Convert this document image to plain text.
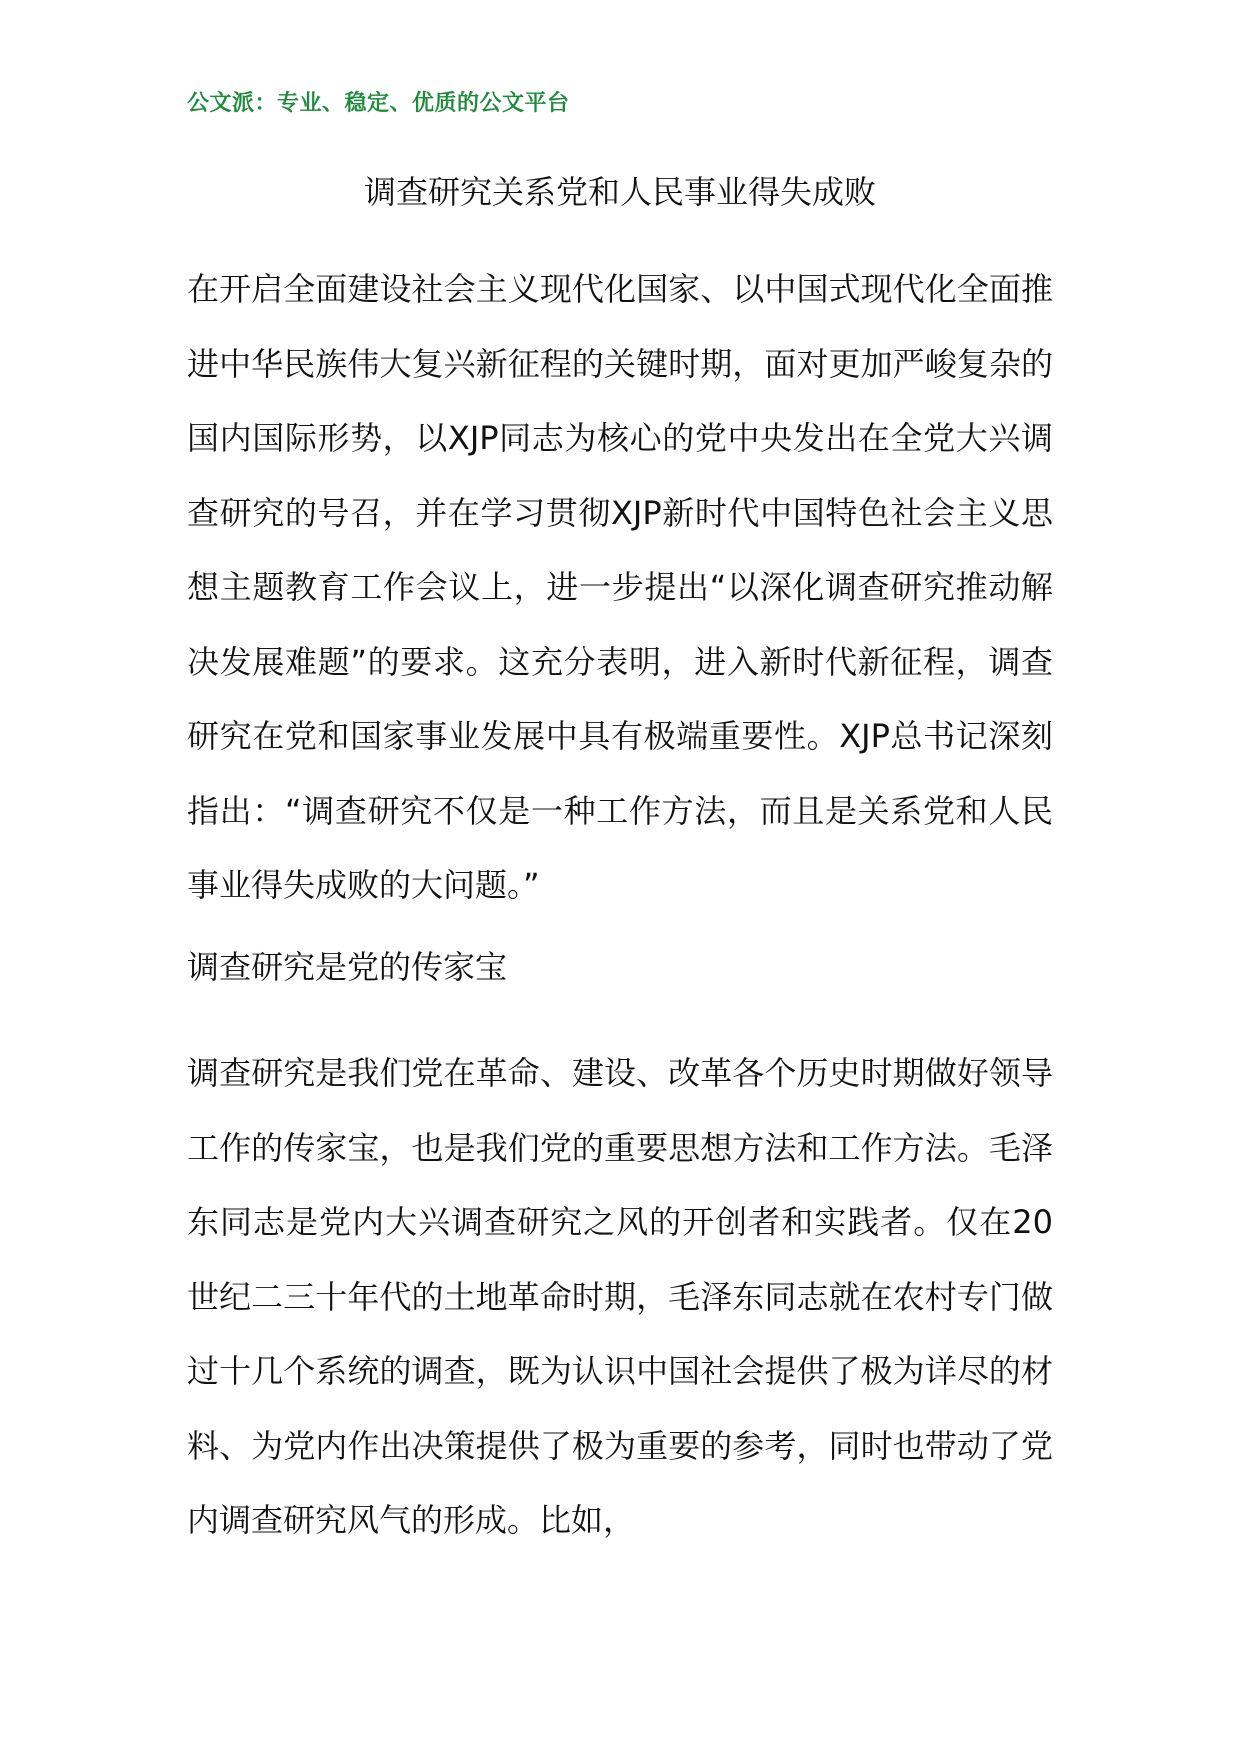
公文派：专业、稳定、优质的公文平台
调查研究关系党和人民事业得失成败

在开启全面建设社会主义现代化国家、以中国式现代化全面推进中华民族伟大复兴新征程的关键时期，面对更加严峻复杂的国内国际形势，以XJP同志为核心的党中央发出在全党大兴调查研究的号召，并在学习贯彻XJP新时代中国特色社会主义思想主题教育工作会议上，进一步提出“以深化调查研究推动解决发展难题”的要求。这充分表明，进入新时代新征程，调查研究在党和国家事业发展中具有极端重要性。XJP总书记深刻指出：“调查研究不仅是一种工作方法，而且是关系党和人民事业得失成败的大问题。”

调查研究是党的传家宝

调查研究是我们党在革命、建设、改革各个历史时期做好领导工作的传家宝，也是我们党的重要思想方法和工作方法。毛泽东同志是党内大兴调查研究之风的开创者和实践者。仅在20世纪二三十年代的土地革命时期，毛泽东同志就在农村专门做过十几个系统的调查，既为认识中国社会提供了极为详尽的材料、为党内作出决策提供了极为重要的参考，同时也带动了党内调查研究风气的形成。比如，
